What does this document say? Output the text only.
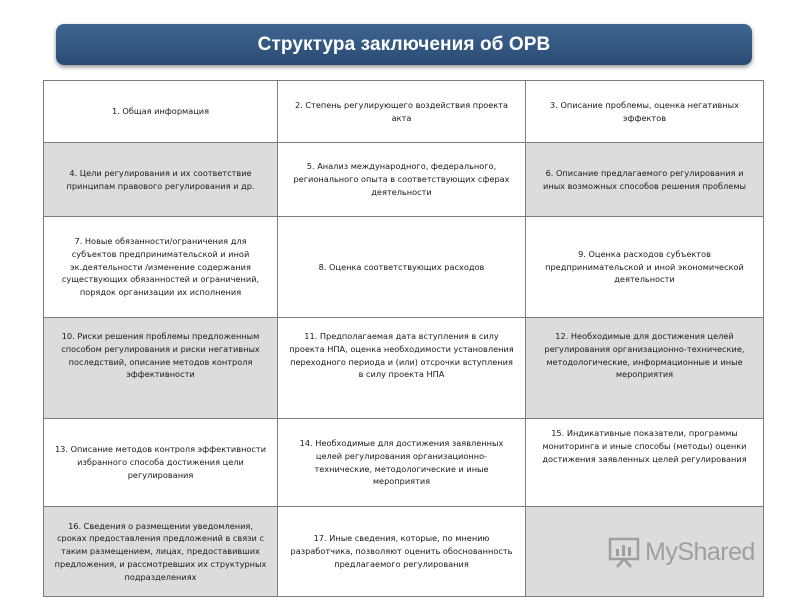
Структура заключения об ОРВ
1. Общая информация	2. Степень регулирующего воздействия проекта акта	3. Описание проблемы, оценка негативных эффектов
4. Цели регулирования и их соответствие принципам правового регулирования и др.	5. Анализ международного, федерального, регионального опыта в соответствующих сферах деятельности	6. Описание предлагаемого регулирования и иных возможных способов решения проблемы
7. Новые обязанности/ограничения для субъектов предпринимательской и иной эк.деятельности /изменение содержания существующих обязанностей и ограничений, порядок организации их исполнения	8. Оценка соответствующих расходов	9. Оценка расходов субъектов предпринимательской и иной экономической деятельности
10. Риски решения проблемы предложенным способом регулирования и риски негативных последствий, описание методов контроля эффективности	11. Предполагаемая дата вступления в силу проекта НПА, оценка необходимости установления переходного периода и (или) отсрочки вступления в силу проекта НПА	12. Необходимые для достижения целей регулирования организационно-технические, методологические, информационные и иные мероприятия
13. Описание методов контроля эффективности избранного способа достижения цели регулирования	14. Необходимые для достижения заявленных целей регулирования организационно-технические, методологические и иные мероприятия	15. Индикативные показатели, программы мониторинга и иные способы (методы) оценки достижения заявленных целей регулирования
16. Сведения о размещении уведомления, сроках предоставления предложений в связи с таким размещением, лицах, предоставивших предложения, и рассмотревших их структурных подразделениях	17. Иные сведения, которые, по мнению разработчика, позволяют оценить обоснованность предлагаемого регулирования		MyShared
